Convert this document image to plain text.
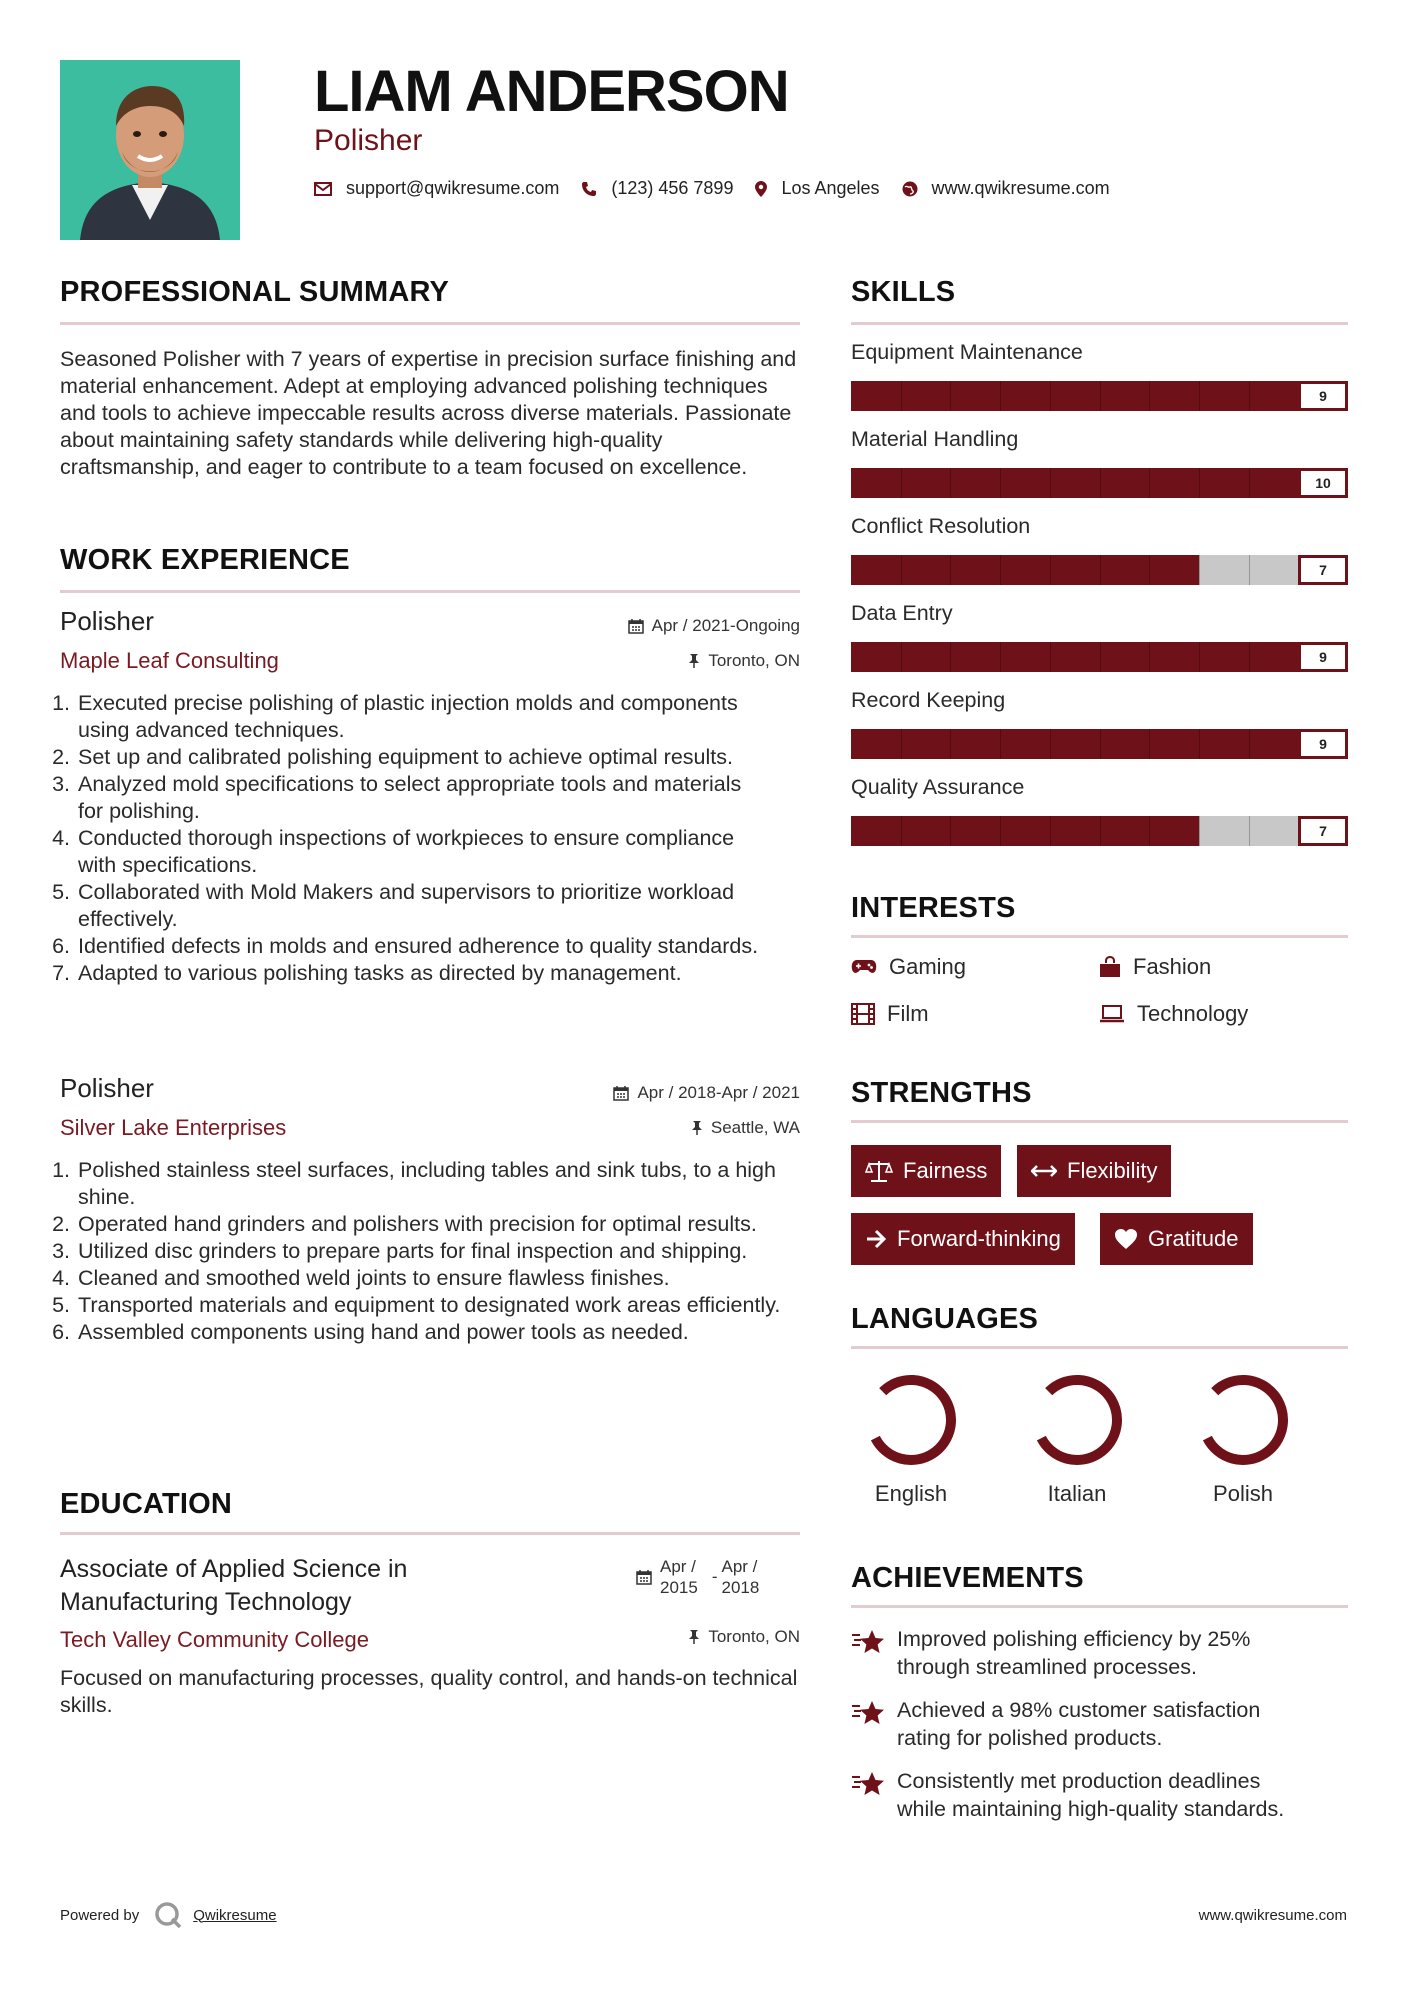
LIAM ANDERSON
Polisher
support@qwikresume.com	(123) 456 7899	Los Angeles	www.qwikresume.com
PROFESSIONAL SUMMARY
Seasoned Polisher with 7 years of expertise in precision surface finishing and material enhancement. Adept at employing advanced polishing techniques and tools to achieve impeccable results across diverse materials. Passionate about maintaining safety standards while delivering high-quality craftsmanship, and eager to contribute to a team focused on excellence.
WORK EXPERIENCE
Polisher
Maple Leaf Consulting
Apr / 2021-Ongoing
Toronto, ON
1. Executed precise polishing of plastic injection molds and components using advanced techniques.
2. Set up and calibrated polishing equipment to achieve optimal results.
3. Analyzed mold specifications to select appropriate tools and materials for polishing.
4. Conducted thorough inspections of workpieces to ensure compliance with specifications.
5. Collaborated with Mold Makers and supervisors to prioritize workload effectively.
6. Identified defects in molds and ensured adherence to quality standards.
7. Adapted to various polishing tasks as directed by management.
Polisher
Silver Lake Enterprises
Apr / 2018-Apr / 2021
Seattle, WA
1. Polished stainless steel surfaces, including tables and sink tubs, to a high shine.
2. Operated hand grinders and polishers with precision for optimal results.
3. Utilized disc grinders to prepare parts for final inspection and shipping.
4. Cleaned and smoothed weld joints to ensure flawless finishes.
5. Transported materials and equipment to designated work areas efficiently.
6. Assembled components using hand and power tools as needed.
EDUCATION
Associate of Applied Science in
Manufacturing Technology
Tech Valley Community College
Apr /
2015
-
Apr /
2018
Toronto, ON
Focused on manufacturing processes, quality control, and hands-on technical skills.
SKILLS
Equipment Maintenance
9
Material Handling
10
Conflict Resolution
7
Data Entry
9
Record Keeping
9
Quality Assurance
7
INTERESTS
Gaming	Fashion
Film	Technology
STRENGTHS
Fairness	Flexibility
Forward-thinking	Gratitude
LANGUAGES
English	Italian	Polish
ACHIEVEMENTS
Improved polishing efficiency by 25%
through streamlined processes.
Achieved a 98% customer satisfaction
rating for polished products.
Consistently met production deadlines
while maintaining high-quality standards.
Powered by	Qwikresume	www.qwikresume.com
